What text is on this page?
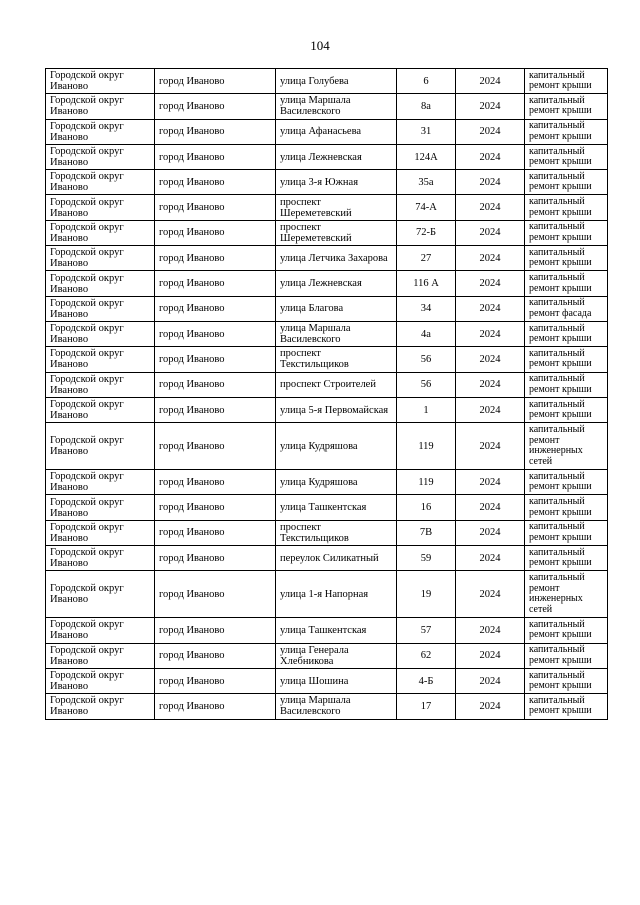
104
Городской округ Иваново	город Иваново	улица Голубева	6	2024	капитальный ремонт крыши
Городской округ Иваново	город Иваново	улица Маршала Василевского	8а	2024	капитальный ремонт крыши
Городской округ Иваново	город Иваново	улица Афанасьева	31	2024	капитальный ремонт крыши
Городской округ Иваново	город Иваново	улица Лежневская	124А	2024	капитальный ремонт крыши
Городской округ Иваново	город Иваново	улица 3-я Южная	35а	2024	капитальный ремонт крыши
Городской округ Иваново	город Иваново	проспект Шереметевский	74-А	2024	капитальный ремонт крыши
Городской округ Иваново	город Иваново	проспект Шереметевский	72-Б	2024	капитальный ремонт крыши
Городской округ Иваново	город Иваново	улица Летчика Захарова	27	2024	капитальный ремонт крыши
Городской округ Иваново	город Иваново	улица Лежневская	116 А	2024	капитальный ремонт крыши
Городской округ Иваново	город Иваново	улица Благова	34	2024	капитальный ремонт фасада
Городской округ Иваново	город Иваново	улица Маршала Василевского	4а	2024	капитальный ремонт крыши
Городской округ Иваново	город Иваново	проспект Текстильщиков	56	2024	капитальный ремонт крыши
Городской округ Иваново	город Иваново	проспект Строителей	56	2024	капитальный ремонт крыши
Городской округ Иваново	город Иваново	улица 5-я Первомайская	1	2024	капитальный ремонт крыши
Городской округ Иваново	город Иваново	улица Кудряшова	119	2024	капитальный ремонт инженерных сетей
Городской округ Иваново	город Иваново	улица Кудряшова	119	2024	капитальный ремонт крыши
Городской округ Иваново	город Иваново	улица Ташкентская	16	2024	капитальный ремонт крыши
Городской округ Иваново	город Иваново	проспект Текстильщиков	7В	2024	капитальный ремонт крыши
Городской округ Иваново	город Иваново	переулок Силикатный	59	2024	капитальный ремонт крыши
Городской округ Иваново	город Иваново	улица 1-я Напорная	19	2024	капитальный ремонт инженерных сетей
Городской округ Иваново	город Иваново	улица Ташкентская	57	2024	капитальный ремонт крыши
Городской округ Иваново	город Иваново	улица Генерала Хлебникова	62	2024	капитальный ремонт крыши
Городской округ Иваново	город Иваново	улица Шошина	4-Б	2024	капитальный ремонт крыши
Городской округ Иваново	город Иваново	улица Маршала Василевского	17	2024	капитальный ремонт крыши
